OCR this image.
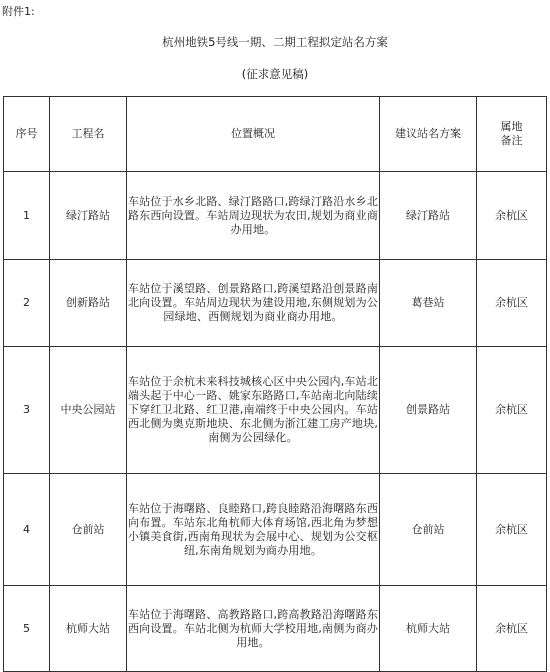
附件1:
杭州地铁5号线一期、二期工程拟定站名方案
(征求意见稿)
序号	工程名	位置概况	建议站名方案	属地
备注

1	绿汀路站	车站位于水乡北路、绿汀路路口,跨绿汀路沿水乡北路东西向设置。车站周边现状为农田,规划为商业商办用地。	绿汀路站	余杭区
2	创新路站	车站位于溪望路、创景路路口,跨溪望路沿创景路南北向设置。车站周边现状为建设用地,东侧规划为公园绿地、西侧规划为商业商办用地。	葛巷站	余杭区
3	中央公园站	车站位于余杭未来科技城核心区中央公园内,车站北端头起于中心一路、姚家东路路口,车站南北向陆续下穿红卫北路、红卫港,南端终于中央公园内。车站西北侧为奥克斯地块、东北侧为浙江建工房产地块,南侧为公园绿化。	创景路站	余杭区
4	仓前站	车站位于海曙路、良睦路口,跨良睦路沿海曙路东西向布置。车站东北角杭师大体育场馆,西北角为梦想小镇美食街,西南角现状为会展中心、规划为公交枢纽,东南角规划为商办用地。	仓前站	余杭区
5	杭师大站	车站位于海曙路、高教路路口,跨高教路沿海曙路东西向设置。车站北侧为杭师大学校用地,南侧为商办用地。	杭师大站	余杭区
